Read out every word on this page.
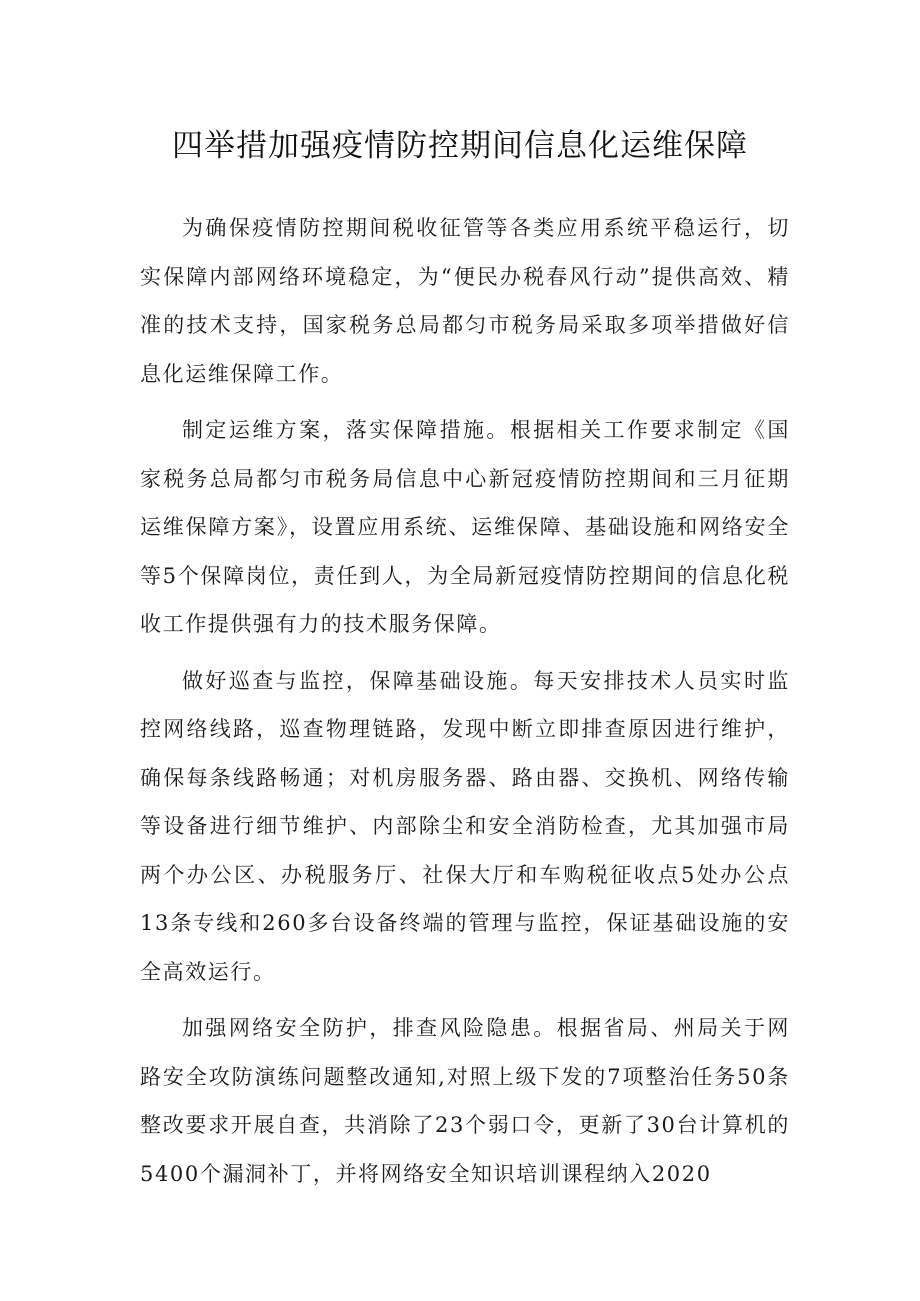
四举措加强疫情防控期间信息化运维保障

为确保疫情防控期间税收征管等各类应用系统平稳运行，切实保障内部网络环境稳定，为“便民办税春风行动”提供高效、精准的技术支持，国家税务总局都匀市税务局采取多项举措做好信息化运维保障工作。

制定运维方案，落实保障措施。根据相关工作要求制定《国家税务总局都匀市税务局信息中心新冠疫情防控期间和三月征期运维保障方案》，设置应用系统、运维保障、基础设施和网络安全等5个保障岗位，责任到人，为全局新冠疫情防控期间的信息化税收工作提供强有力的技术服务保障。

做好巡查与监控，保障基础设施。每天安排技术人员实时监控网络线路，巡查物理链路，发现中断立即排查原因进行维护，确保每条线路畅通；对机房服务器、路由器、交换机、网络传输等设备进行细节维护、内部除尘和安全消防检查，尤其加强市局两个办公区、办税服务厅、社保大厅和车购税征收点5处办公点13条专线和260多台设备终端的管理与监控，保证基础设施的安全高效运行。

加强网络安全防护，排查风险隐患。根据省局、州局关于网路安全攻防演练问题整改通知,对照上级下发的7项整治任务50条整改要求开展自查，共消除了23个弱口令，更新了30台计算机的5400个漏洞补丁，并将网络安全知识培训课程纳入2020
